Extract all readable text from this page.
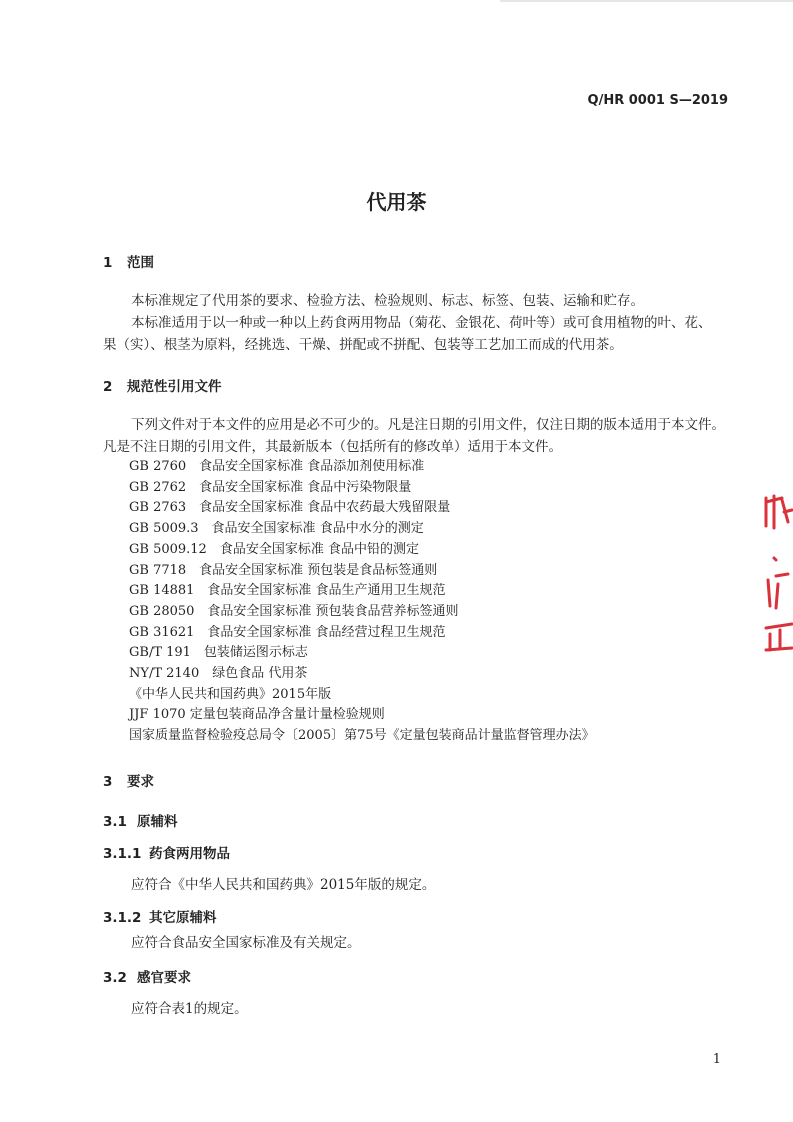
Q/HR 0001 S—2019
代用茶
1 范围
本标准规定了代用茶的要求、检验方法、检验规则、标志、标签、包装、运输和贮存。
本标准适用于以一种或一种以上药食两用物品（菊花、金银花、荷叶等）或可食用植物的叶、花、
果（实）、根茎为原料，经挑选、干燥、拼配或不拼配、包装等工艺加工而成的代用茶。
2 规范性引用文件
下列文件对于本文件的应用是必不可少的。凡是注日期的引用文件，仅注日期的版本适用于本文件。
凡是不注日期的引用文件，其最新版本（包括所有的修改单）适用于本文件。
GB 2760　食品安全国家标准 食品添加剂使用标准
GB 2762　食品安全国家标准 食品中污染物限量
GB 2763　食品安全国家标准 食品中农药最大残留限量
GB 5009.3　食品安全国家标准 食品中水分的测定
GB 5009.12　食品安全国家标准 食品中铅的测定
GB 7718　食品安全国家标准 预包装是食品标签通则
GB 14881　食品安全国家标准 食品生产通用卫生规范
GB 28050　食品安全国家标准 预包装食品营养标签通则
GB 31621　食品安全国家标准 食品经营过程卫生规范
GB/T 191　包装储运图示标志
NY/T 2140　绿色食品 代用茶
《中华人民共和国药典》2015年版
JJF 1070 定量包装商品净含量计量检验规则
国家质量监督检验疫总局令〔2005〕第75号《定量包装商品计量监督管理办法》
3 要求
3.1 原辅料
3.1.1 药食两用物品
应符合《中华人民共和国药典》2015年版的规定。
3.1.2 其它原辅料
应符合食品安全国家标准及有关规定。
3.2 感官要求
应符合表1的规定。
1
